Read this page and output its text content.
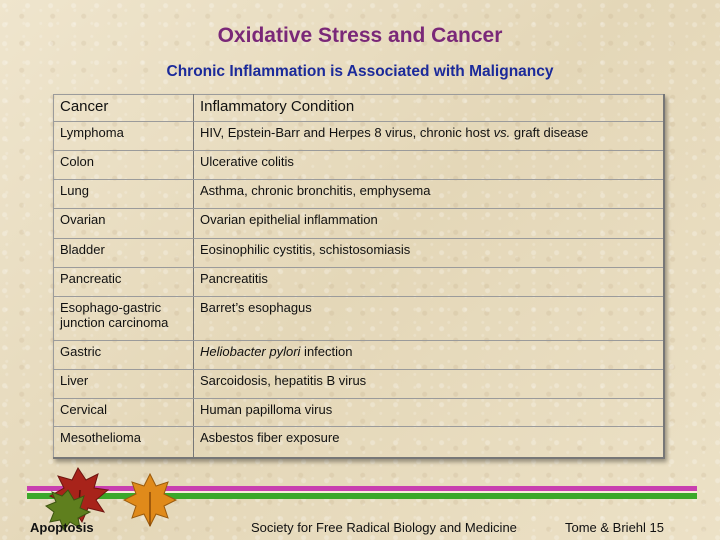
Oxidative Stress and Cancer
Chronic Inflammation is Associated with Malignancy
Cancer	Inflammatory Condition
Lymphoma	HIV, Epstein-Barr and Herpes 8 virus, chronic host vs. graft disease
Colon	Ulcerative colitis
Lung	Asthma, chronic bronchitis, emphysema
Ovarian	Ovarian epithelial inflammation
Bladder	Eosinophilic cystitis, schistosomiasis
Pancreatic	Pancreatitis
Esophago-gastric junction carcinoma	Barret’s esophagus
Gastric	Heliobacter pylori infection
Liver	Sarcoidosis, hepatitis B virus
Cervical	Human papilloma virus
Mesothelioma	Asbestos fiber exposure
Apoptosis	Society for Free Radical Biology and Medicine	Tome & Briehl 15
